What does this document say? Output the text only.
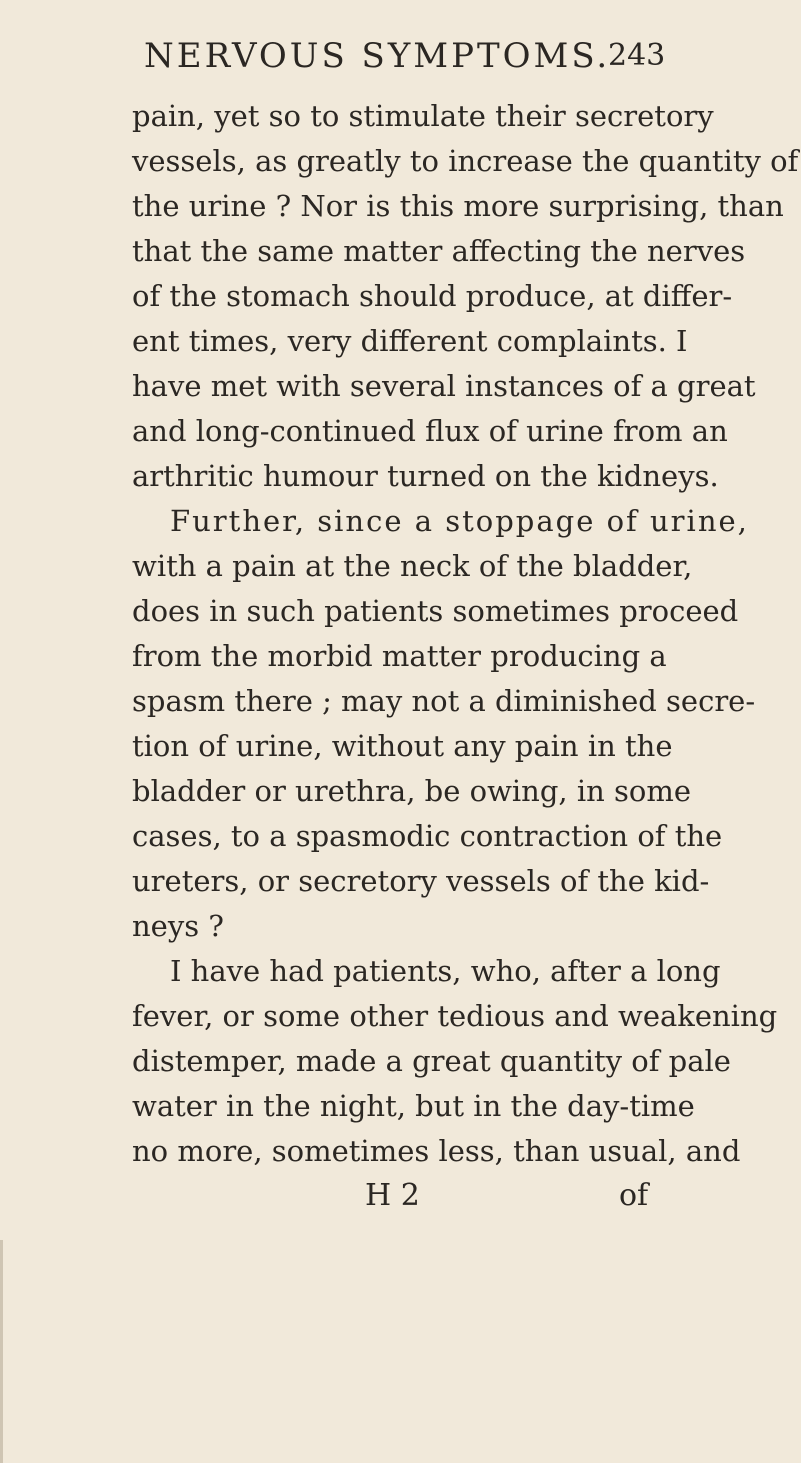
NERVOUS SYMPTOMS.
243
pain, yet so to stimulate their secretory
vessels, as greatly to increase the quantity of
the urine ? Nor is this more surprising, than
that the same matter affecting the nerves
of the stomach should produce, at differ-
ent times, very different complaints. I
have met with several instances of a great
and long-continued flux of urine from an
arthritic humour turned on the kidneys.
Further, since a stoppage of urine,
with a pain at the neck of the bladder,
does in such patients sometimes proceed
from the morbid matter producing a
spasm there ; may not a diminished secre-
tion of urine, without any pain in the
bladder or urethra, be owing, in some
cases, to a spasmodic contraction of the
ureters, or secretory vessels of the kid-
neys ?
I have had patients, who, after a long
fever, or some other tedious and weakening
distemper, made a great quantity of pale
water in the night, but in the day-time
no more, sometimes less, than usual, and
H 2	of
